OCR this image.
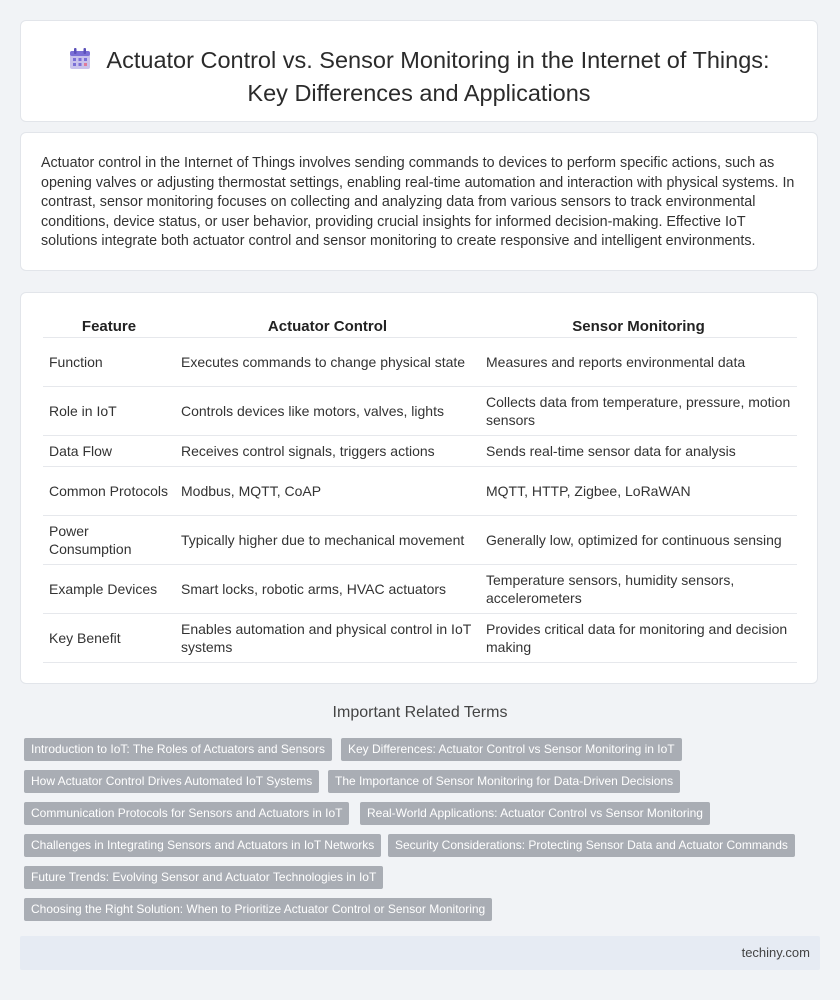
Actuator Control vs. Sensor Monitoring in the Internet of Things:
Key Differences and Applications
Actuator control in the Internet of Things involves sending commands to devices to perform specific actions, such as opening valves or adjusting thermostat settings, enabling real-time automation and interaction with physical systems. In contrast, sensor monitoring focuses on collecting and analyzing data from various sensors to track environmental conditions, device status, or user behavior, providing crucial insights for informed decision-making. Effective IoT solutions integrate both actuator control and sensor monitoring to create responsive and intelligent environments.
Feature	Actuator Control	Sensor Monitoring
Function	Executes commands to change physical state	Measures and reports environmental data
Role in IoT	Controls devices like motors, valves, lights	Collects data from temperature, pressure, motion sensors
Data Flow	Receives control signals, triggers actions	Sends real-time sensor data for analysis
Common Protocols	Modbus, MQTT, CoAP	MQTT, HTTP, Zigbee, LoRaWAN
Power Consumption	Typically higher due to mechanical movement	Generally low, optimized for continuous sensing
Example Devices	Smart locks, robotic arms, HVAC actuators	Temperature sensors, humidity sensors, accelerometers
Key Benefit	Enables automation and physical control in IoT systems	Provides critical data for monitoring and decision making
Important Related Terms
Introduction to IoT: The Roles of Actuators and Sensors	Key Differences: Actuator Control vs Sensor Monitoring in IoT
How Actuator Control Drives Automated IoT Systems	The Importance of Sensor Monitoring for Data-Driven Decisions
Communication Protocols for Sensors and Actuators in IoT	Real-World Applications: Actuator Control vs Sensor Monitoring
Challenges in Integrating Sensors and Actuators in IoT Networks	Security Considerations: Protecting Sensor Data and Actuator Commands
Future Trends: Evolving Sensor and Actuator Technologies in IoT
Choosing the Right Solution: When to Prioritize Actuator Control or Sensor Monitoring
techiny.com
